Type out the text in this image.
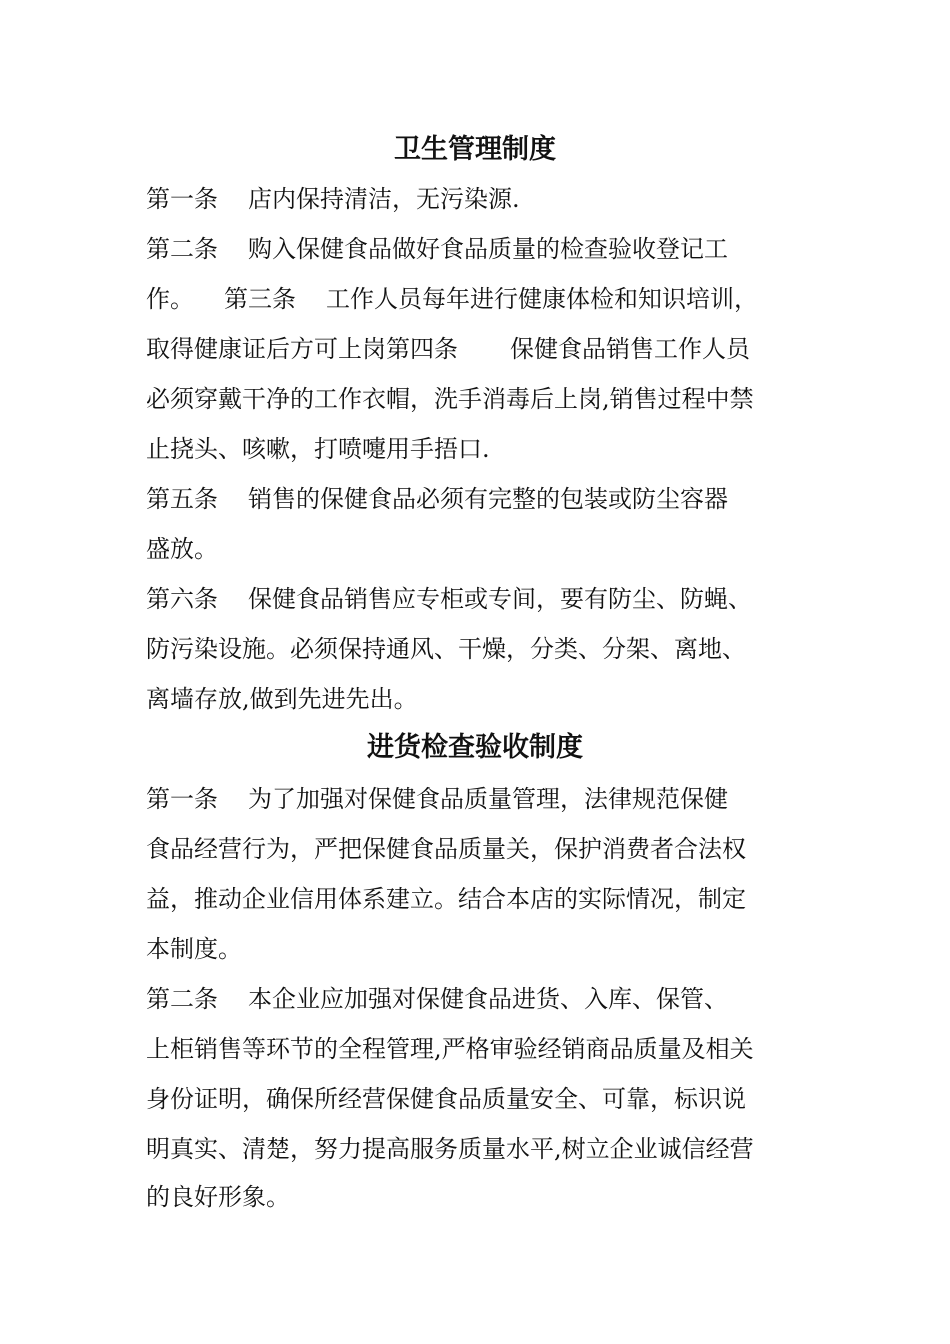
卫生管理制度

第一条 店内保持清洁，无污染源.

第二条 购入保健食品做好食品质量的检查验收登记工

作。 第三条 工作人员每年进行健康体检和知识培训，

取得健康证后方可上岗第四条 保健食品销售工作人员

必须穿戴干净的工作衣帽，洗手消毒后上岗,销售过程中禁

止挠头、咳嗽，打喷嚏用手捂口.

第五条 销售的保健食品必须有完整的包装或防尘容器

盛放。

第六条 保健食品销售应专柜或专间，要有防尘、防蝇、

防污染设施。必须保持通风、干燥，分类、分架、离地、

离墙存放,做到先进先出。

进货检查验收制度

第一条 为了加强对保健食品质量管理，法律规范保健

食品经营行为，严把保健食品质量关，保护消费者合法权

益，推动企业信用体系建立。结合本店的实际情况，制定

本制度。

第二条 本企业应加强对保健食品进货、入库、保管、

上柜销售等环节的全程管理,严格审验经销商品质量及相关

身份证明，确保所经营保健食品质量安全、可靠，标识说

明真实、清楚，努力提高服务质量水平,树立企业诚信经营

的良好形象。
